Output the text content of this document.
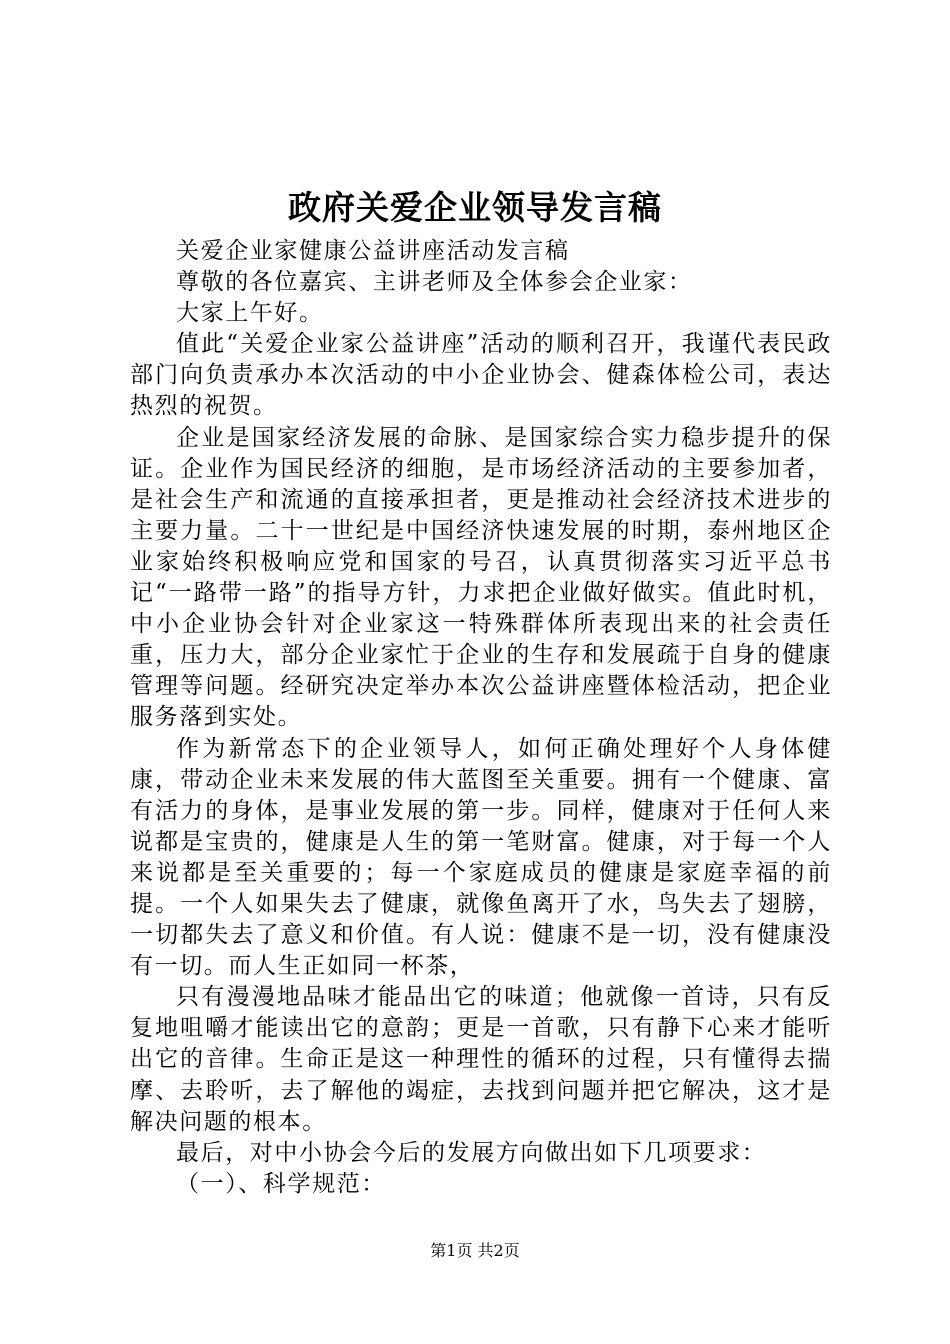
政府关爱企业领导发言稿

关爱企业家健康公益讲座活动发言稿

尊敬的各位嘉宾、主讲老师及全体参会企业家：

大家上午好。

值此“关爱企业家公益讲座”活动的顺利召开，我谨代表民政部门向负责承办本次活动的中小企业协会、健森体检公司，表达热烈的祝贺。

企业是国家经济发展的命脉、是国家综合实力稳步提升的保证。企业作为国民经济的细胞，是市场经济活动的主要参加者，是社会生产和流通的直接承担者，更是推动社会经济技术进步的主要力量。二十一世纪是中国经济快速发展的时期，泰州地区企业家始终积极响应党和国家的号召，认真贯彻落实习近平总书记“一路带一路”的指导方针，力求把企业做好做实。值此时机，中小企业协会针对企业家这一特殊群体所表现出来的社会责任重，压力大，部分企业家忙于企业的生存和发展疏于自身的健康管理等问题。经研究决定举办本次公益讲座暨体检活动，把企业服务落到实处。

作为新常态下的企业领导人，如何正确处理好个人身体健康，带动企业未来发展的伟大蓝图至关重要。拥有一个健康、富有活力的身体，是事业发展的第一步。同样，健康对于任何人来说都是宝贵的，健康是人生的第一笔财富。健康，对于每一个人来说都是至关重要的；每一个家庭成员的健康是家庭幸福的前提。一个人如果失去了健康，就像鱼离开了水，鸟失去了翅膀，一切都失去了意义和价值。有人说：健康不是一切，没有健康没有一切。而人生正如同一杯茶，

只有漫漫地品味才能品出它的味道；他就像一首诗，只有反复地咀嚼才能读出它的意韵；更是一首歌，只有静下心来才能听出它的音律。生命正是这一种理性的循环的过程，只有懂得去揣摩、去聆听，去了解他的竭症，去找到问题并把它解决，这才是解决问题的根本。

最后，对中小协会今后的发展方向做出如下几项要求：

（一）、科学规范：

第1页 共2页
